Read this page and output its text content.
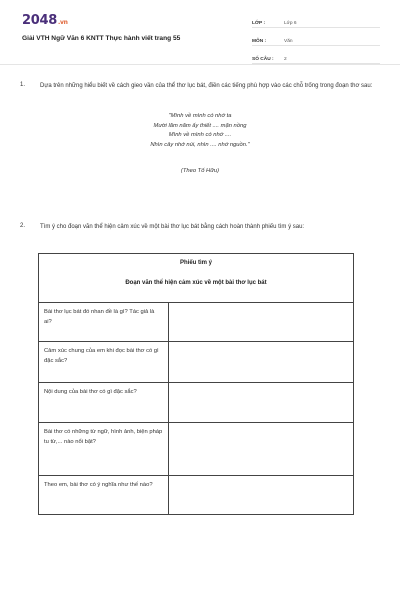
2048.vn
Giải VTH Ngữ Văn 6 KNTT Thực hành viết trang 55
LỚP :	Lớp 6
MÔN :	Văn
SỐ CÂU :	2
1.	Dựa trên những hiểu biết về cách gieo vần của thể thơ lục bát, điền các tiếng phù hợp vào các chỗ trống trong đoạn thơ sau:
"Mình về mình có nhớ ta
Mười lăm năm ấy thiết .... mặn nồng
Mình về mình có nhớ ....
Nhìn cây nhớ núi, nhìn .... nhớ nguồn."
(Theo Tố Hữu)
2.	Tìm ý cho đoạn văn thể hiện cảm xúc về một bài thơ lục bát bằng cách hoàn thành phiếu tìm ý sau:
Phiếu tìm ý
Đoạn văn thể hiện cảm xúc về một bài thơ lục bát
Bài thơ lục bát đó nhan đề là gì? Tác giả là ai?
Cảm xúc chung của em khi đọc bài thơ có gì đặc sắc?
Nội dung của bài thơ có gì đặc sắc?
Bài thơ có những từ ngữ, hình ảnh, biện pháp tu từ,... nào nổi bật?
Theo em, bài thơ có ý nghĩa như thế nào?
